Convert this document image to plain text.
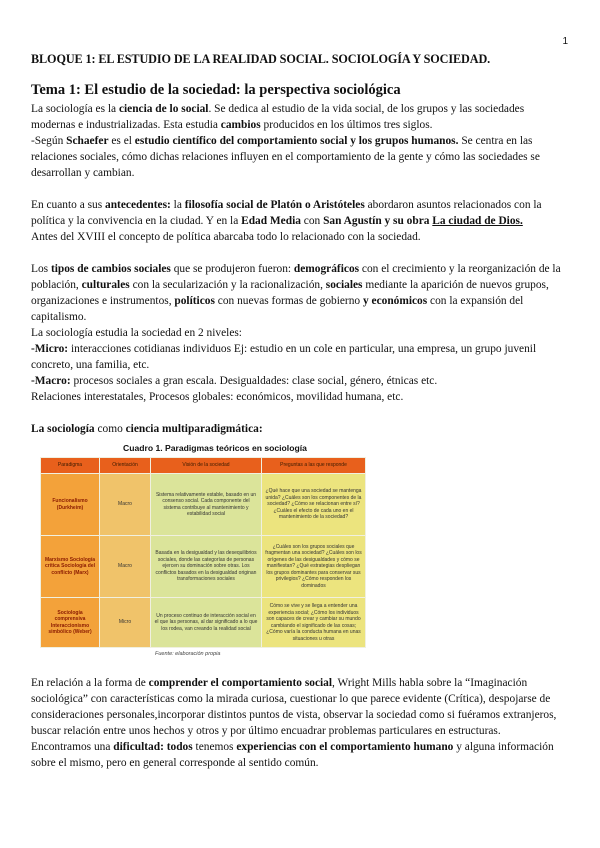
1
BLOQUE 1: EL ESTUDIO DE LA REALIDAD SOCIAL. SOCIOLOGÍA Y SOCIEDAD.
Tema 1: El estudio de la sociedad: la perspectiva sociológica

La sociología es la ciencia de lo social. Se dedica al estudio de la vida social, de los grupos y las sociedades modernas e industrializadas. Esta estudia cambios producidos en los últimos tres siglos.

-Según Schaefer es el estudio científico del comportamiento social y los grupos humanos. Se centra en las relaciones sociales, cómo dichas relaciones influyen en el comportamiento de la gente y cómo las sociedades se desarrollan y cambian.

En cuanto a sus antecedentes: la filosofía social de Platón o Aristóteles abordaron asuntos relacionados con la política y la convivencia en la ciudad. Y en la Edad Media con San Agustín y su obra La ciudad de Dios.
Antes del XVIII el concepto de política abarcaba todo lo relacionado con la sociedad.

Los tipos de cambios sociales que se produjeron fueron: demográficos con el crecimiento y la reorganización de la población, culturales con la secularización y la racionalización, sociales mediante la aparición de nuevos grupos, organizaciones e instrumentos, políticos con nuevas formas de gobierno y económicos con la expansión del capitalismo.

La sociología estudia la sociedad en 2 niveles:

-Micro: interacciones cotidianas individuos Ej: estudio en un cole en particular, una empresa, un grupo juvenil concreto, una familia, etc.

-Macro: procesos sociales a gran escala. Desigualdades: clase social, género, étnicas etc.

Relaciones interestatales, Procesos globales: económicos, movilidad humana, etc.

La sociología como ciencia multiparadigmática:

Cuadro 1. Paradigmas teóricos en sociología
Paradigma	Orientación	Visión de la sociedad	Preguntas a las que responde
Funcionalismo (Durkheim)	Macro	Sistema relativamente estable, basado en un consenso social. Cada componente del sistema contribuye al mantenimiento y estabilidad social	¿Qué hace que una sociedad se mantenga unida? ¿Cuáles son los componentes de la sociedad? ¿Cómo se relacionan entre sí? ¿Cuáles el efecto de cada uno en el mantenimiento de la sociedad?
Marxismo Sociología crítica Sociología del conflicto (Marx)	Macro	Basada en la desigualdad y las desequilibrios sociales, donde las categorías de personas ejercen su dominación sobre otras. Los conflictos basados en la desigualdad originan transformaciones sociales	¿Cuáles son los grupos sociales que fragmentan una sociedad? ¿Cuáles son los orígenes de las desigualdades y cómo se manifiestan? ¿Qué estrategias despliegan los grupos dominantes para conservar sus privilegios? ¿Cómo responden los dominados
Sociología comprensiva Interaccionismo simbólico (Weber)	Micro	Un proceso continuo de interacción social en el que las personas, al dar significado a lo que los rodea, van creando la realidad social	Cómo se vive y se llega a entender una experiencia social; ¿Cómo los individuos son capaces de crear y cambiar su mundo cambiando el significado de las cosas; ¿Cómo varía la conducta humana en unas situaciones u otras
Fuente: elaboración propia

En relación a la forma de comprender el comportamiento social, Wright Mills habla sobre la “Imaginación sociológica” con características como la mirada curiosa, cuestionar lo que parece evidente (Crítica), despojarse de consideraciones personales,incorporar distintos puntos de vista, observar la sociedad como si fuéramos extranjeros, buscar relación entre unos hechos y otros y por último encuadrar problemas particulares en estructuras.

Encontramos una dificultad: todos tenemos experiencias con el comportamiento humano y alguna información sobre el mismo, pero en general corresponde al sentido común.
